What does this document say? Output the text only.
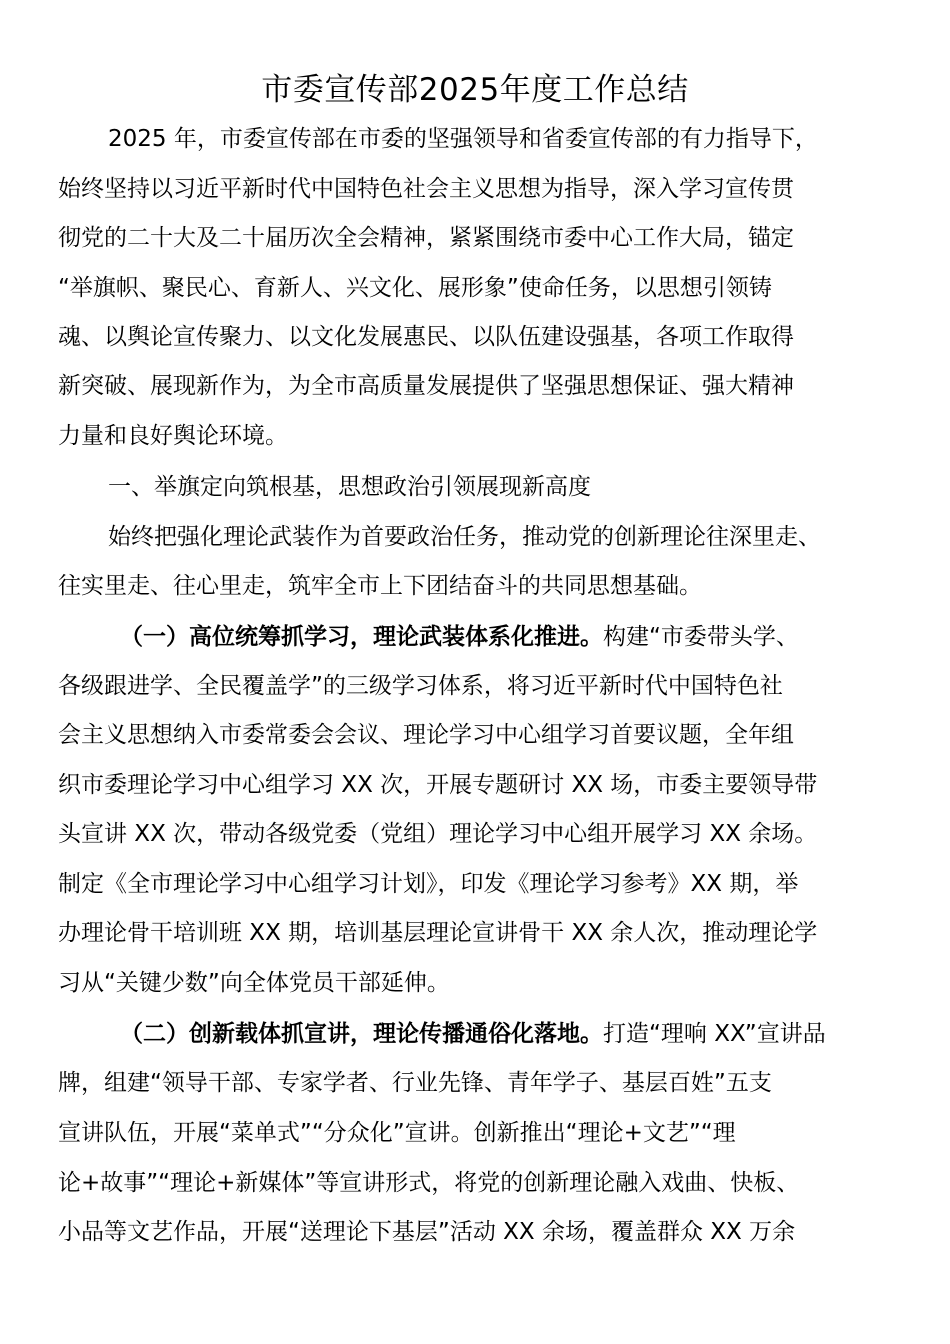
市委宣传部2025年度工作总结
2025 年，市委宣传部在市委的坚强领导和省委宣传部的有力指导下，
始终坚持以习近平新时代中国特色社会主义思想为指导，深入学习宣传贯
彻党的二十大及二十届历次全会精神，紧紧围绕市委中心工作大局，锚定
“举旗帜、聚民心、育新人、兴文化、展形象”使命任务，以思想引领铸
魂、以舆论宣传聚力、以文化发展惠民、以队伍建设强基，各项工作取得
新突破、展现新作为，为全市高质量发展提供了坚强思想保证、强大精神
力量和良好舆论环境。
一、举旗定向筑根基，思想政治引领展现新高度
始终把强化理论武装作为首要政治任务，推动党的创新理论往深里走、
往实里走、往心里走，筑牢全市上下团结奋斗的共同思想基础。
（一）高位统筹抓学习，理论武装体系化推进。构建“市委带头学、
各级跟进学、全民覆盖学”的三级学习体系，将习近平新时代中国特色社
会主义思想纳入市委常委会会议、理论学习中心组学习首要议题，全年组
织市委理论学习中心组学习 XX 次，开展专题研讨 XX 场，市委主要领导带
头宣讲 XX 次，带动各级党委（党组）理论学习中心组开展学习 XX 余场。
制定《全市理论学习中心组学习计划》，印发《理论学习参考》XX 期，举
办理论骨干培训班 XX 期，培训基层理论宣讲骨干 XX 余人次，推动理论学
习从“关键少数”向全体党员干部延伸。
（二）创新载体抓宣讲，理论传播通俗化落地。打造“理响 XX”宣讲品
牌，组建“领导干部、专家学者、行业先锋、青年学子、基层百姓”五支
宣讲队伍，开展“菜单式”“分众化”宣讲。创新推出“理论+文艺”“理
论+故事”“理论+新媒体”等宣讲形式，将党的创新理论融入戏曲、快板、
小品等文艺作品，开展“送理论下基层”活动 XX 余场，覆盖群众 XX 万余
